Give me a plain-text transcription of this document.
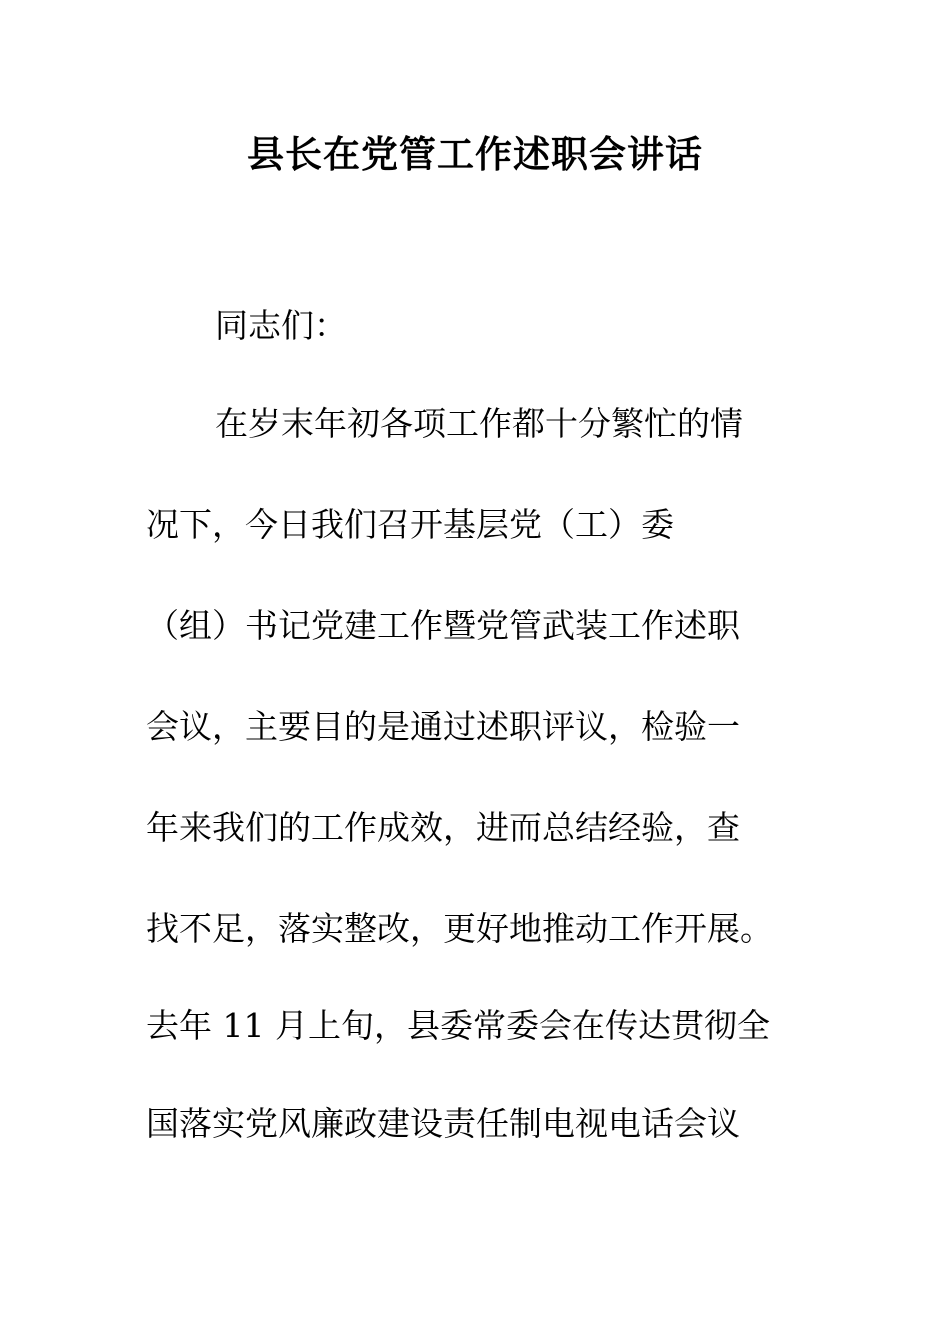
县长在党管工作述职会讲话
同志们：
在岁末年初各项工作都十分繁忙的情
况下，今日我们召开基层党（工）委
（组）书记党建工作暨党管武装工作述职
会议，主要目的是通过述职评议，检验一
年来我们的工作成效，进而总结经验，查
找不足，落实整改，更好地推动工作开展。
去年 11 月上旬，县委常委会在传达贯彻全
国落实党风廉政建设责任制电视电话会议
